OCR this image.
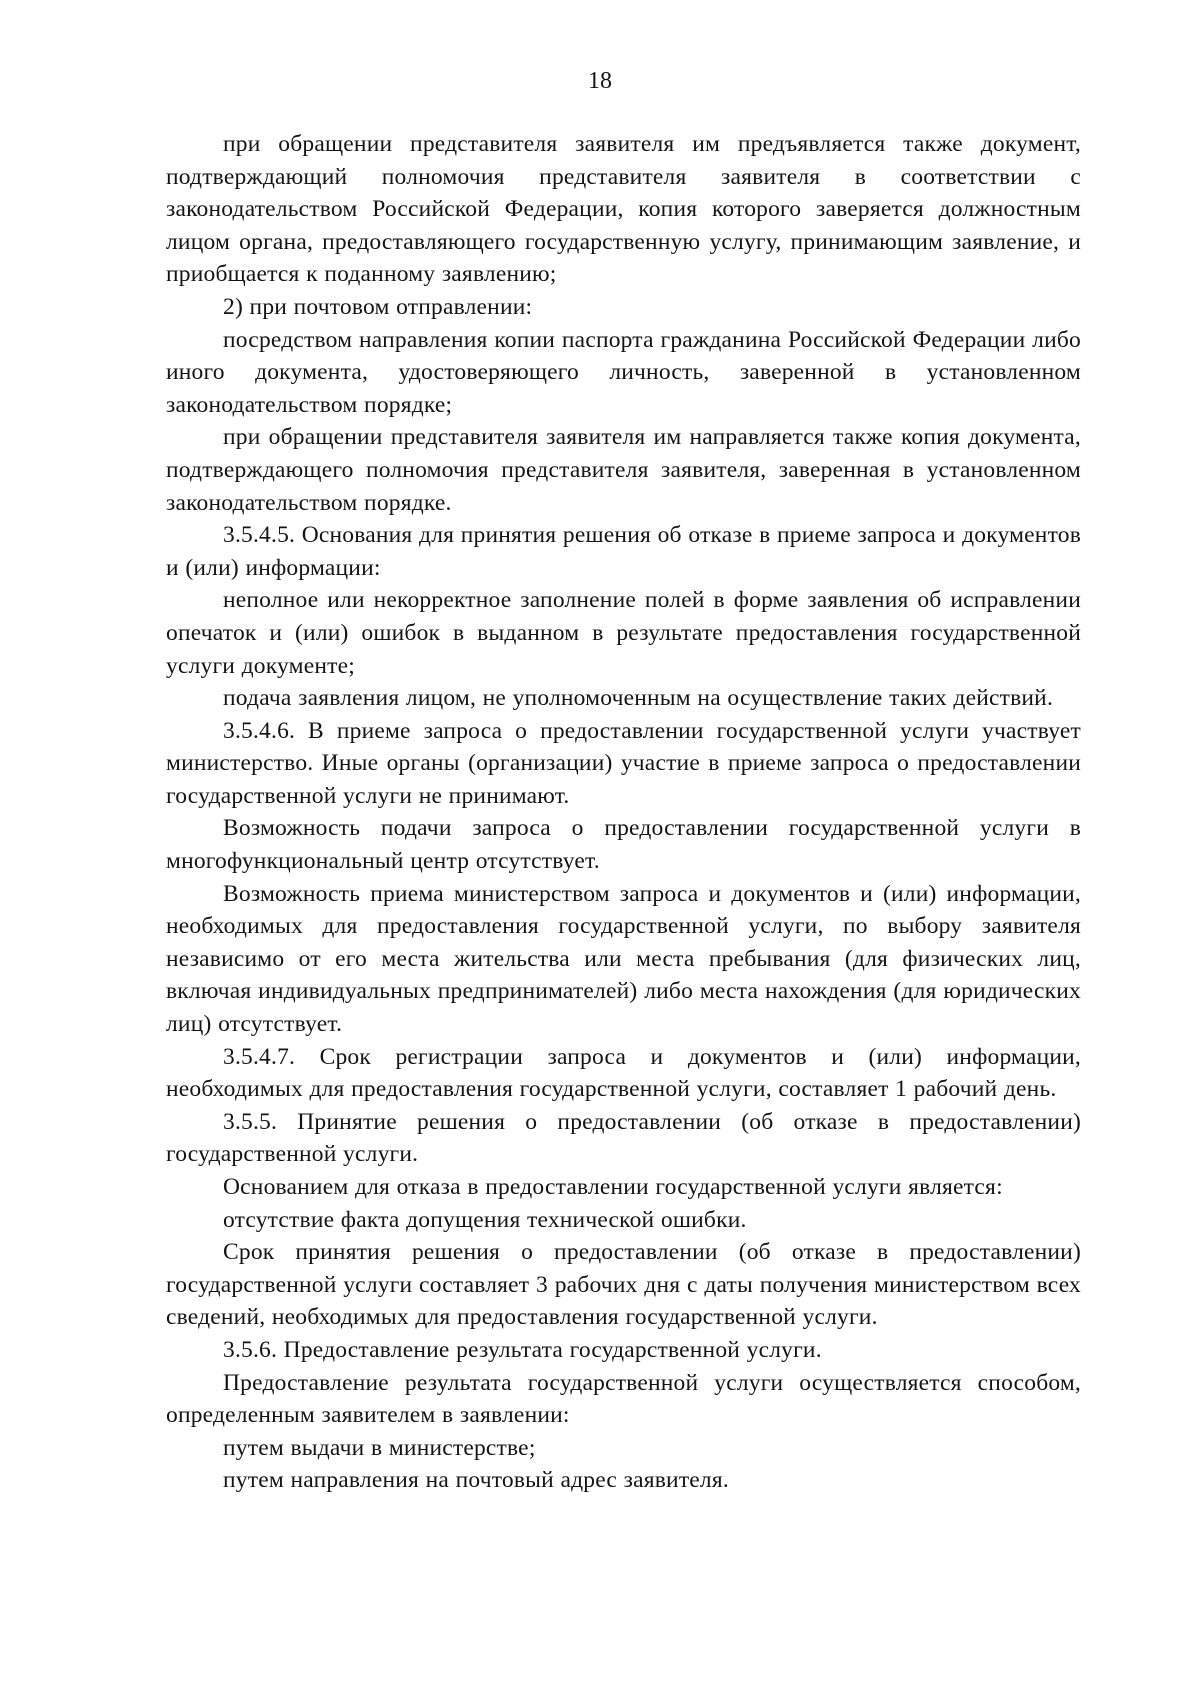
18

при обращении представителя заявителя им предъявляется также документ, подтверждающий полномочия представителя заявителя в соответствии с законодательством Российской Федерации, копия которого заверяется должностным лицом органа, предоставляющего государственную услугу, принимающим заявление, и приобщается к поданному заявлению;

2) при почтовом отправлении:

посредством направления копии паспорта гражданина Российской Федерации либо иного документа, удостоверяющего личность, заверенной в установленном законодательством порядке;

при обращении представителя заявителя им направляется также копия документа, подтверждающего полномочия представителя заявителя, заверенная в установленном законодательством порядке.

3.5.4.5. Основания для принятия решения об отказе в приеме запроса и документов и (или) информации:

неполное или некорректное заполнение полей в форме заявления об исправлении опечаток и (или) ошибок в выданном в результате предоставления государственной услуги документе;

подача заявления лицом, не уполномоченным на осуществление таких действий.

3.5.4.6. В приеме запроса о предоставлении государственной услуги участвует министерство. Иные органы (организации) участие в приеме запроса о предоставлении государственной услуги не принимают.

Возможность подачи запроса о предоставлении государственной услуги в многофункциональный центр отсутствует.

Возможность приема министерством запроса и документов и (или) информации, необходимых для предоставления государственной услуги, по выбору заявителя независимо от его места жительства или места пребывания (для физических лиц, включая индивидуальных предпринимателей) либо места нахождения (для юридических лиц) отсутствует.

3.5.4.7. Срок регистрации запроса и документов и (или) информации, необходимых для предоставления государственной услуги, составляет 1 рабочий день.

3.5.5. Принятие решения о предоставлении (об отказе в предоставлении) государственной услуги.

Основанием для отказа в предоставлении государственной услуги является:

отсутствие факта допущения технической ошибки.

Срок принятия решения о предоставлении (об отказе в предоставлении) государственной услуги составляет 3 рабочих дня с даты получения министерством всех сведений, необходимых для предоставления государственной услуги.

3.5.6. Предоставление результата государственной услуги.

Предоставление результата государственной услуги осуществляется способом, определенным заявителем в заявлении:

путем выдачи в министерстве;

путем направления на почтовый адрес заявителя.
